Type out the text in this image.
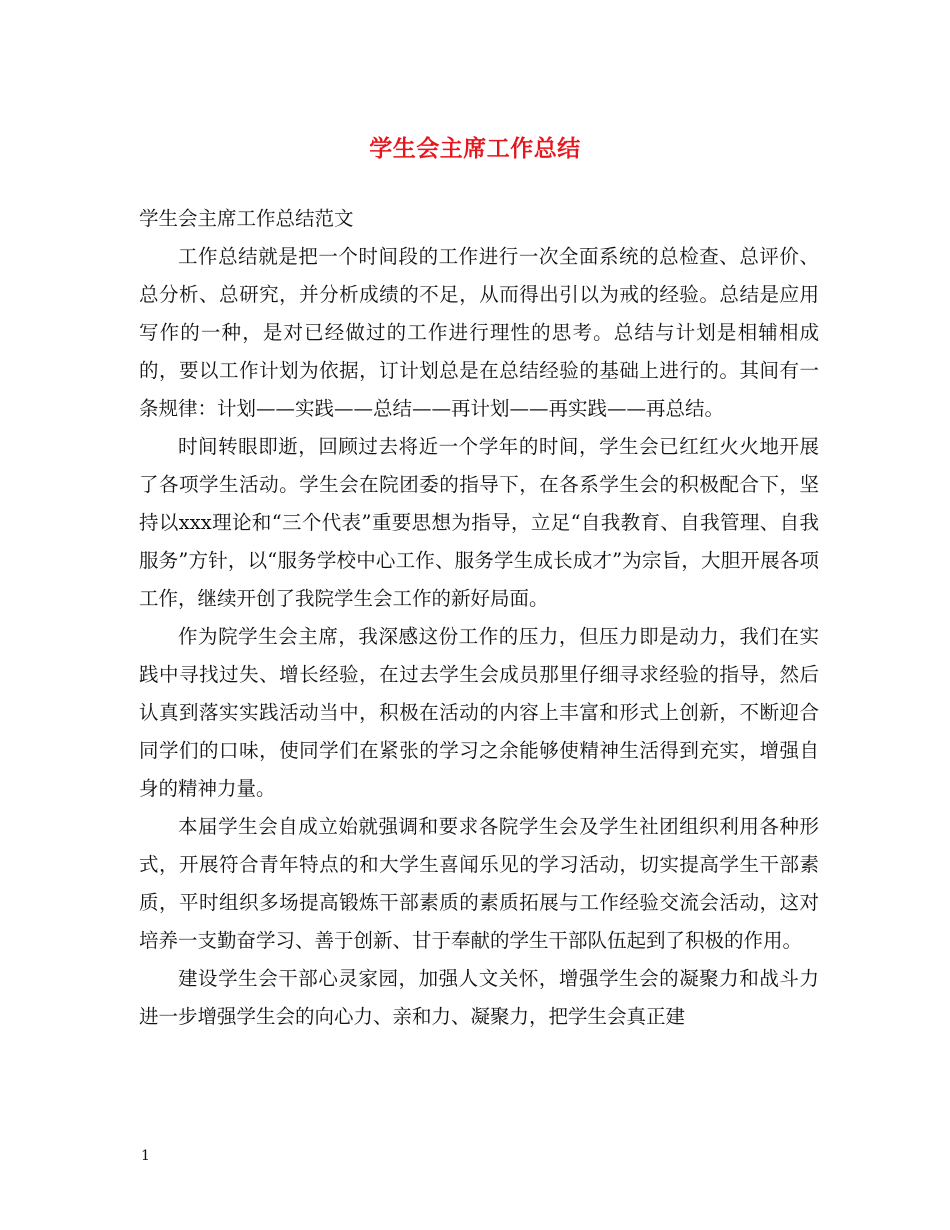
学生会主席工作总结

学生会主席工作总结范文

工作总结就是把一个时间段的工作进行一次全面系统的总检查、总评价、总分析、总研究，并分析成绩的不足，从而得出引以为戒的经验。总结是应用写作的一种，是对已经做过的工作进行理性的思考。总结与计划是相辅相成的，要以工作计划为依据，订计划总是在总结经验的基础上进行的。其间有一条规律：计划——实践——总结——再计划——再实践——再总结。

时间转眼即逝，回顾过去将近一个学年的时间，学生会已红红火火地开展了各项学生活动。学生会在院团委的指导下，在各系学生会的积极配合下，坚持以xxx理论和“三个代表”重要思想为指导，立足“自我教育、自我管理、自我服务”方针，以“服务学校中心工作、服务学生成长成才”为宗旨，大胆开展各项工作，继续开创了我院学生会工作的新好局面。

作为院学生会主席，我深感这份工作的压力，但压力即是动力，我们在实践中寻找过失、增长经验，在过去学生会成员那里仔细寻求经验的指导，然后认真到落实实践活动当中，积极在活动的内容上丰富和形式上创新，不断迎合同学们的口味，使同学们在紧张的学习之余能够使精神生活得到充实，增强自身的精神力量。

本届学生会自成立始就强调和要求各院学生会及学生社团组织利用各种形式，开展符合青年特点的和大学生喜闻乐见的学习活动，切实提高学生干部素质，平时组织多场提高锻炼干部素质的素质拓展与工作经验交流会活动，这对培养一支勤奋学习、善于创新、甘于奉献的学生干部队伍起到了积极的作用。

建设学生会干部心灵家园，加强人文关怀，增强学生会的凝聚力和战斗力进一步增强学生会的向心力、亲和力、凝聚力，把学生会真正建

1
